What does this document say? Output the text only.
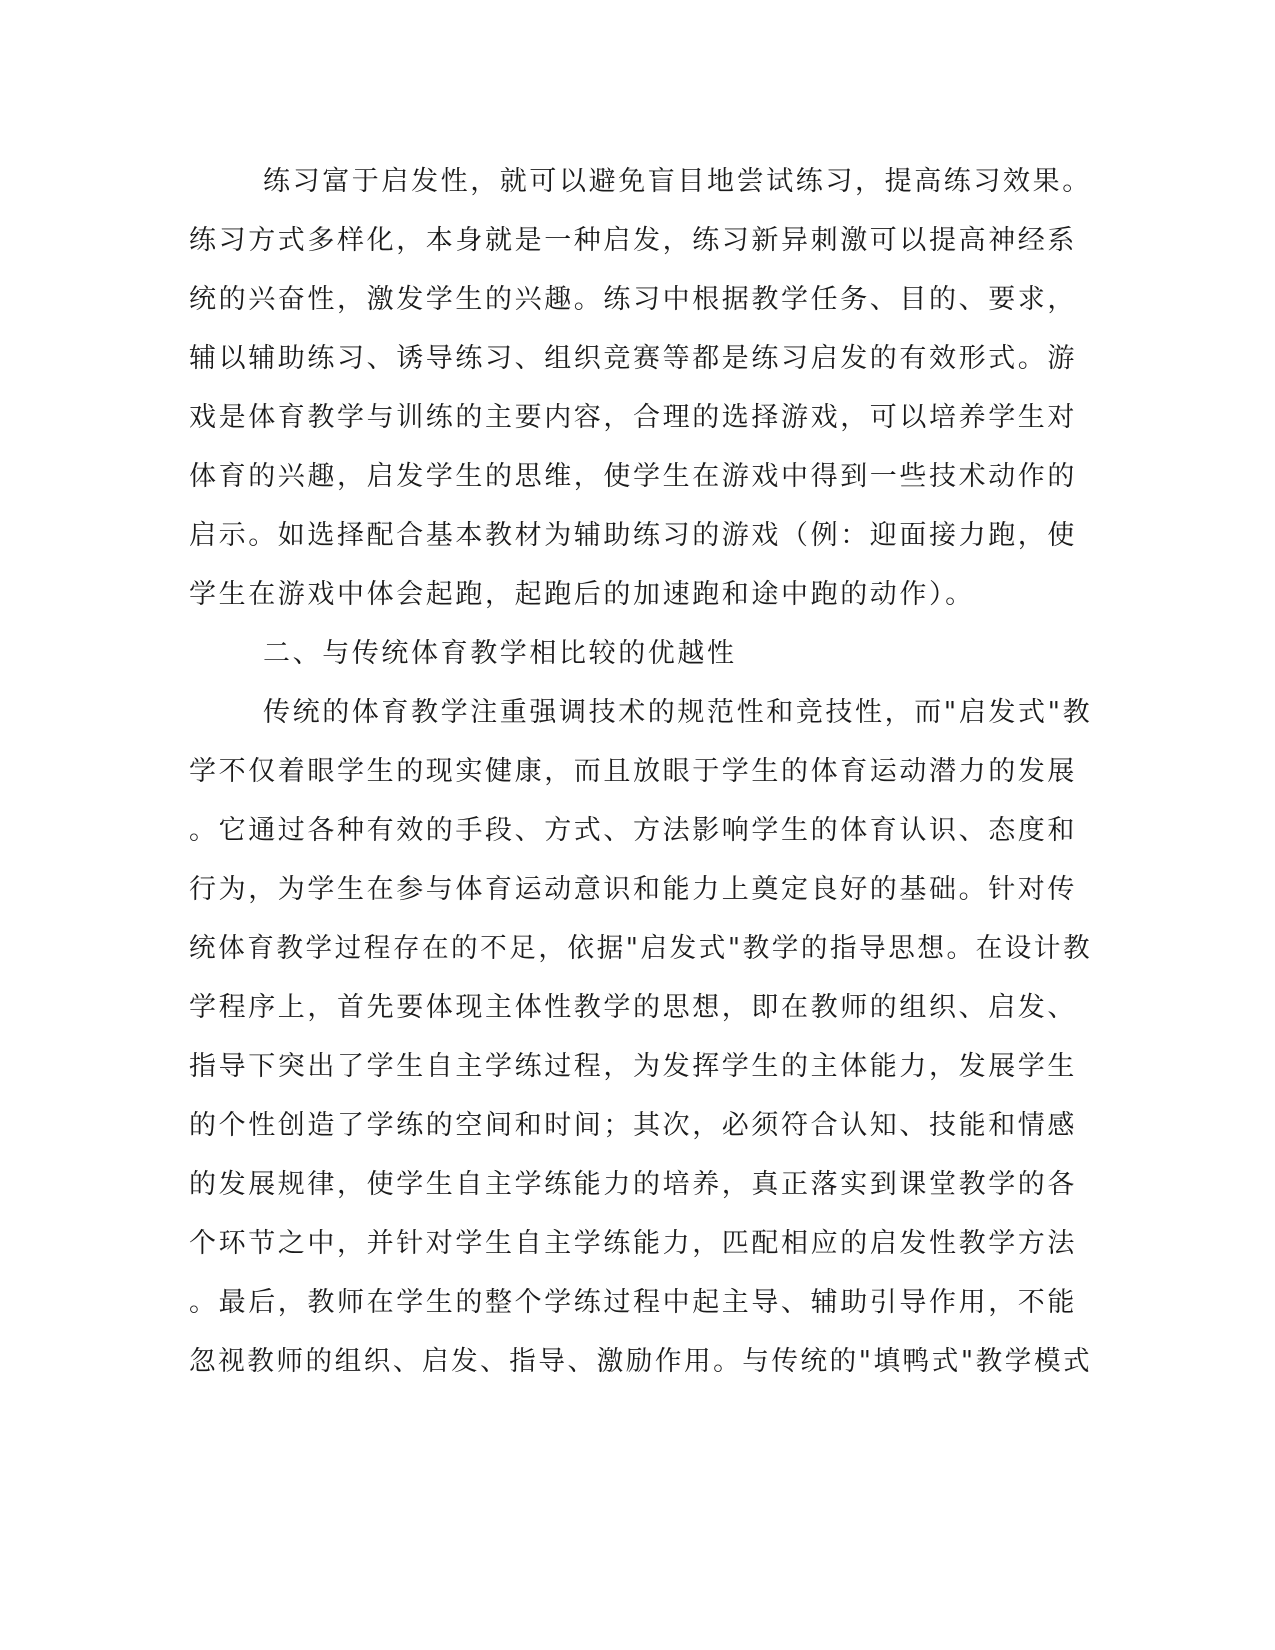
练习富于启发性，就可以避免盲目地尝试练习，提高练习效果。
练习方式多样化，本身就是一种启发，练习新异刺激可以提高神经系
统的兴奋性，激发学生的兴趣。练习中根据教学任务、目的、要求，
辅以辅助练习、诱导练习、组织竞赛等都是练习启发的有效形式。游
戏是体育教学与训练的主要内容，合理的选择游戏，可以培养学生对
体育的兴趣，启发学生的思维，使学生在游戏中得到一些技术动作的
启示。如选择配合基本教材为辅助练习的游戏（例：迎面接力跑，使
学生在游戏中体会起跑，起跑后的加速跑和途中跑的动作）。
二、与传统体育教学相比较的优越性
传统的体育教学注重强调技术的规范性和竞技性，而"启发式"教
学不仅着眼学生的现实健康，而且放眼于学生的体育运动潜力的发展
。它通过各种有效的手段、方式、方法影响学生的体育认识、态度和
行为，为学生在参与体育运动意识和能力上奠定良好的基础。针对传
统体育教学过程存在的不足，依据"启发式"教学的指导思想。在设计教
学程序上，首先要体现主体性教学的思想，即在教师的组织、启发、
指导下突出了学生自主学练过程，为发挥学生的主体能力，发展学生
的个性创造了学练的空间和时间；其次，必须符合认知、技能和情感
的发展规律，使学生自主学练能力的培养，真正落实到课堂教学的各
个环节之中，并针对学生自主学练能力，匹配相应的启发性教学方法
。最后，教师在学生的整个学练过程中起主导、辅助引导作用，不能
忽视教师的组织、启发、指导、激励作用。与传统的"填鸭式"教学模式
